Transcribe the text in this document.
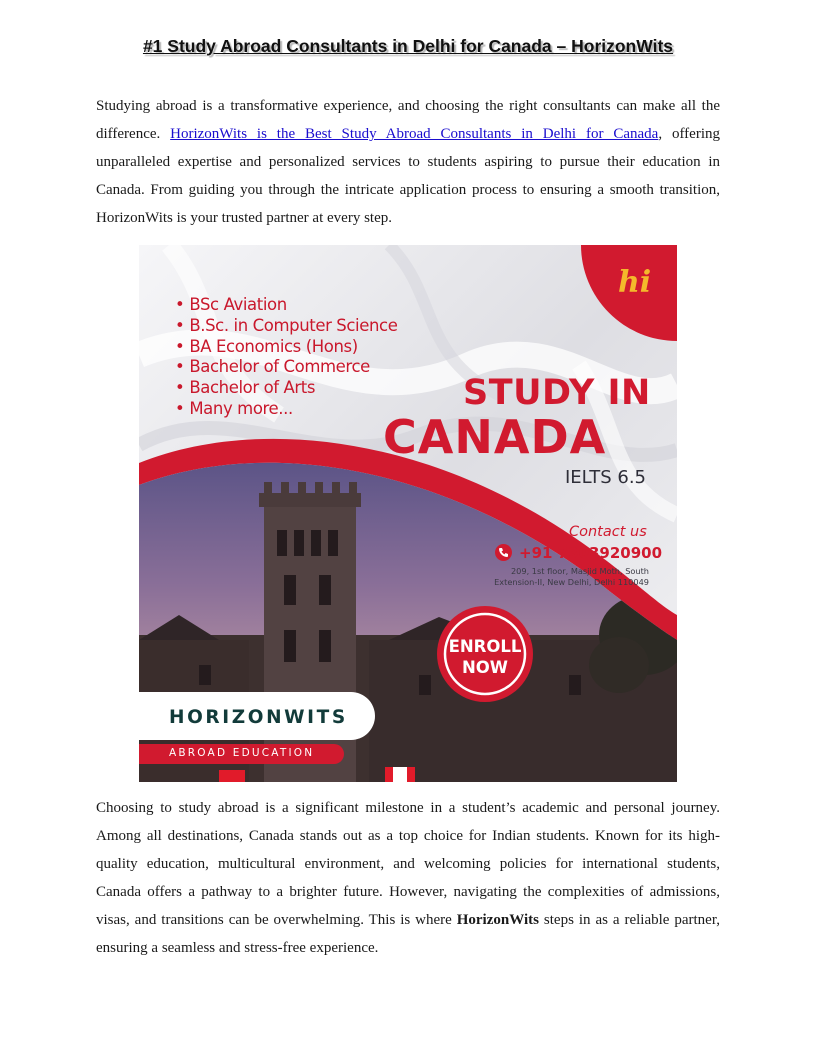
#1 Study Abroad Consultants in Delhi for Canada – HorizonWits

Studying abroad is a transformative experience, and choosing the right consultants can make all the difference. HorizonWits is the Best Study Abroad Consultants in Delhi for Canada, offering unparalleled expertise and personalized services to students aspiring to pursue their education in Canada. From guiding you through the intricate application process to ensuring a smooth transition, HorizonWits is your trusted partner at every step.

• BSc Aviation
• B.Sc. in Computer Science
• BA Economics (Hons)
• Bachelor of Commerce
• Bachelor of Arts
• Many more...
hi
STUDY IN
CANADA
IELTS 6.5
Contact us
+91 7303920900
209, 1st floor, Masjid Moth, South
Extension-II, New Delhi, Delhi 110049
ENROLL
NOW
HORIZONWITS
ABROAD EDUCATION

Choosing to study abroad is a significant milestone in a student’s academic and personal journey. Among all destinations, Canada stands out as a top choice for Indian students. Known for its high-quality education, multicultural environment, and welcoming policies for international students, Canada offers a pathway to a brighter future. However, navigating the complexities of admissions, visas, and transitions can be overwhelming. This is where HorizonWits steps in as a reliable partner, ensuring a seamless and stress-free experience.
